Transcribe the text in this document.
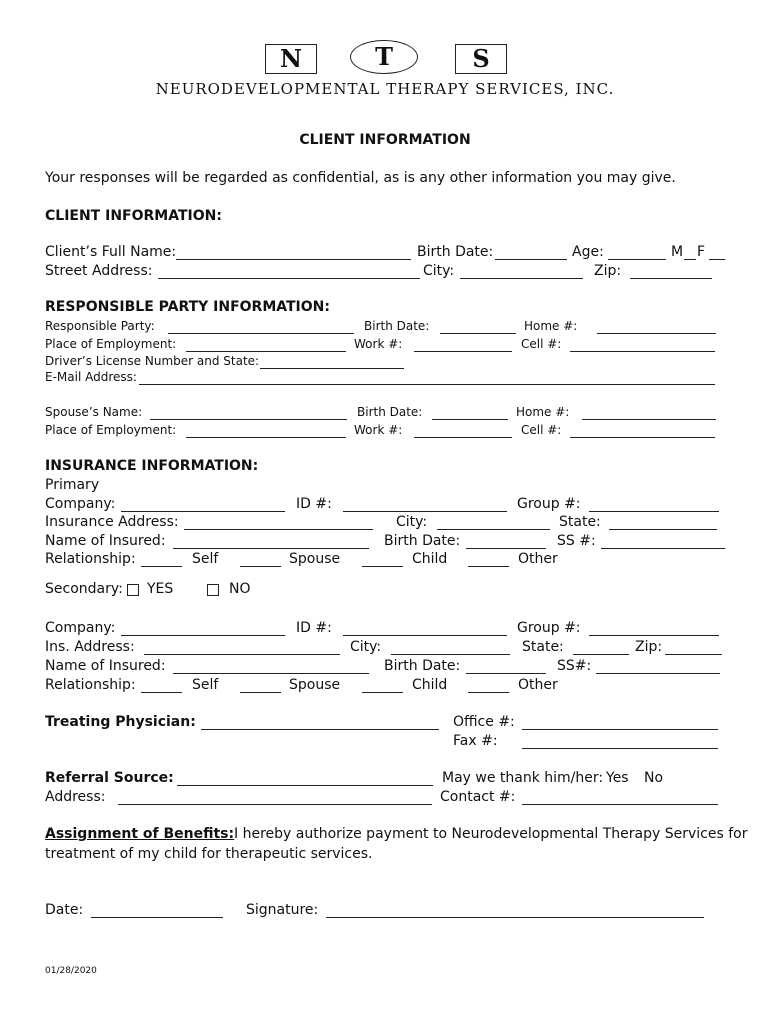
N	T	S
NEURODEVELOPMENTAL THERAPY SERVICES, INC.
CLIENT INFORMATION
Your responses will be regarded as confidential, as is any other information you may give.
CLIENT INFORMATION:
Client’s Full Name:	Birth Date:	Age:	M F
Street Address:	City:	Zip:
RESPONSIBLE PARTY INFORMATION:
Responsible Party:	Birth Date:	Home #:
Place of Employment:	Work #:	Cell #:
Driver’s License Number and State:
E-Mail Address:
Spouse’s Name:	Birth Date:	Home #:
Place of Employment:	Work #:	Cell #:
INSURANCE INFORMATION:
Primary
Company:	ID #:	Group #:
Insurance Address:	City:	State:
Name of Insured:	Birth Date:	SS #:
Relationship:	Self	Spouse	Child	Other
Secondary: YES	NO
Company:	ID #:	Group #:
Ins. Address:	City:	State:	Zip:
Name of Insured:	Birth Date:	SS#:
Relationship:	Self	Spouse	Child	Other
Treating Physician:	Office #:
Fax #:
Referral Source:	May we thank him/her: Yes No
Address:	Contact #:
Assignment of Benefits: I hereby authorize payment to Neurodevelopmental Therapy Services for
treatment of my child for therapeutic services.
Date:	Signature:
01/28/2020
